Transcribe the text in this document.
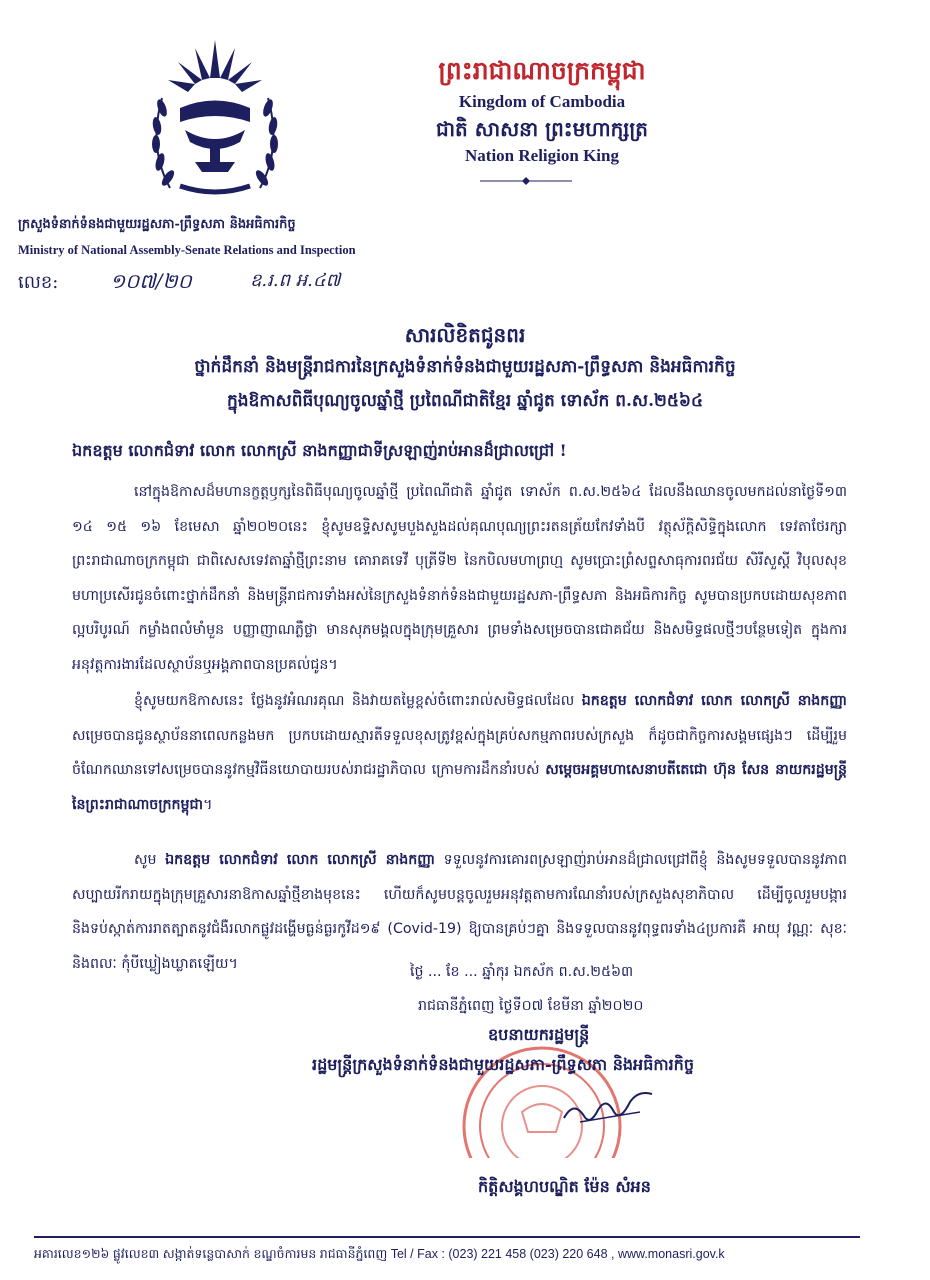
ព្រះរាជាណាចក្រកម្ពុជា
Kingdom of Cambodia
ជាតិ សាសនា ព្រះមហាក្សត្រ
Nation Religion King
ក្រសួងទំនាក់ទំនងជាមួយរដ្ឋសភា-ព្រឹទ្ធសភា និងអធិការកិច្ច
Ministry of National Assembly-Senate Relations and Inspection
លេខ:	១០៧/២០	ឧ.រ.ព អ.៤៧
សារលិខិតជូនពរ
ថ្នាក់ដឹកនាំ និងមន្ត្រីរាជការនៃក្រសួងទំនាក់ទំនងជាមួយរដ្ឋសភា-ព្រឹទ្ធសភា និងអធិការកិច្ច
ក្នុងឱកាសពិធីបុណ្យចូលឆ្នាំថ្មី ប្រពៃណីជាតិខ្មែរ ឆ្នាំជូត ទោស័ក ព.ស.២៥៦៤
ឯកឧត្តម លោកជំទាវ លោក លោកស្រី នាងកញ្ញាជាទីស្រឡាញ់រាប់អានដ៏ជ្រាលជ្រៅ !
នៅក្នុងឱកាសដ៏មហានក្ខត្តឫក្សនៃពិធីបុណ្យចូលឆ្នាំថ្មី ប្រពៃណីជាតិ ឆ្នាំជូត ទោស័ក ព.ស.២៥៦៤ ដែលនឹងឈានចូលមកដល់នាថ្ងៃទី១៣ ១៤ ១៥ ១៦ ខែមេសា ឆ្នាំ២០២០នេះ ខ្ញុំសូមឧទ្ទិសសូមបួងសួងដល់គុណបុណ្យព្រះរតនត្រ័យកែវទាំងបី វត្ថុស័ក្តិសិទ្ធិក្នុងលោក ទេវតាថែរក្សាព្រះរាជាណាចក្រកម្ពុជា ជាពិសេសទេវតាឆ្នាំថ្មីព្រះនាម គោរាគទេវី បុត្រីទី២ នៃកបិលមហាព្រហ្ម សូមប្រោះព្រំសព្ទសាធុការពរជ័យ សិរីសួស្តី វិបុលសុខ មហាប្រសើរជូនចំពោះថ្នាក់ដឹកនាំ និងមន្ត្រីរាជការទាំងអស់នៃក្រសួងទំនាក់ទំនងជាមួយរដ្ឋសភា-ព្រឹទ្ធសភា និងអធិការកិច្ច សូមបានប្រកបដោយសុខភាពល្អបរិបូរណ៍ កម្លាំងពលំមាំមួន បញ្ញាញាណភ្លឺថ្លា មានសុភមង្គលក្នុងក្រុមគ្រួសារ ព្រមទាំងសម្រេចបានជោគជ័យ និងសមិទ្ធផលថ្មីៗបន្ថែមទៀត ក្នុងការអនុវត្តការងារដែលស្ថាប័នឬអង្គភាពបានប្រគល់ជូន។
ខ្ញុំសូមយកឱកាសនេះ ថ្លែងនូវអំណរគុណ និងវាយតម្លៃខ្ពស់ចំពោះរាល់សមិទ្ធផលដែល ឯកឧត្តម លោកជំទាវ លោក លោកស្រី នាងកញ្ញា សម្រេចបានជូនស្ថាប័ននាពេលកន្លងមក ប្រកបដោយស្មារតីទទួលខុសត្រូវខ្ពស់ក្នុងគ្រប់សកម្មភាពរបស់ក្រសួង ក៏ដូចជាកិច្ចការសង្គមផ្សេងៗ ដើម្បីរួមចំណែកឈានទៅសម្រេចបាននូវកម្មវិធីនយោបាយរបស់រាជរដ្ឋាភិបាល ក្រោមការដឹកនាំរបស់ សម្តេចអគ្គមហាសេនាបតីតេជោ ហ៊ុន សែន នាយករដ្ឋមន្ត្រី នៃព្រះរាជាណាចក្រកម្ពុជា។
សូម ឯកឧត្តម លោកជំទាវ លោក លោកស្រី នាងកញ្ញា ទទួលនូវការគោរពស្រឡាញ់រាប់អានដ៏ជ្រាលជ្រៅពីខ្ញុំ និងសូមទទួលបាននូវភាពសប្បាយរីករាយក្នុងក្រុមគ្រួសារនាឱកាសឆ្នាំថ្មីខាងមុខនេះ ហើយក៏សូមបន្តចូលរួមអនុវត្តតាមការណែនាំរបស់ក្រសួងសុខាភិបាល ដើម្បីចូលរួមបង្ការ និងទប់ស្កាត់ការរាតត្បាតនូវជំងឺរលាកផ្លូវដង្ហើមធ្ងន់ធ្ងរកូវីដ១៩ (Covid-19) ឱ្យបានគ្រប់ៗគ្នា និងទទួលបាននូវពុទ្ធពរទាំង៤ប្រការគឺ អាយុ វណ្ណៈ សុខៈ និងពលៈ កុំបីឃ្លៀងឃ្លាតឡើយ។
ថ្ងៃ ... ខែ ... ឆ្នាំកុរ ឯកស័ក ព.ស.២៥៦៣
រាជធានីភ្នំពេញ ថ្ងៃទី០៧ ខែមីនា ឆ្នាំ២០២០
ឧបនាយករដ្ឋមន្ត្រី
រដ្ឋមន្ត្រីក្រសួងទំនាក់ទំនងជាមួយរដ្ឋសភា-ព្រឹទ្ធសភា និងអធិការកិច្ច
កិត្តិសង្គហបណ្ឌិត ម៉ែន សំអន
អគារលេខ១២៦ ផ្លូវលេខ៣ សង្កាត់ទន្លេបាសាក់ ខណ្ឌចំការមន រាជធានីភ្នំពេញ Tel / Fax : (023) 221 458 (023) 220 648 , www.monasri.gov.k
